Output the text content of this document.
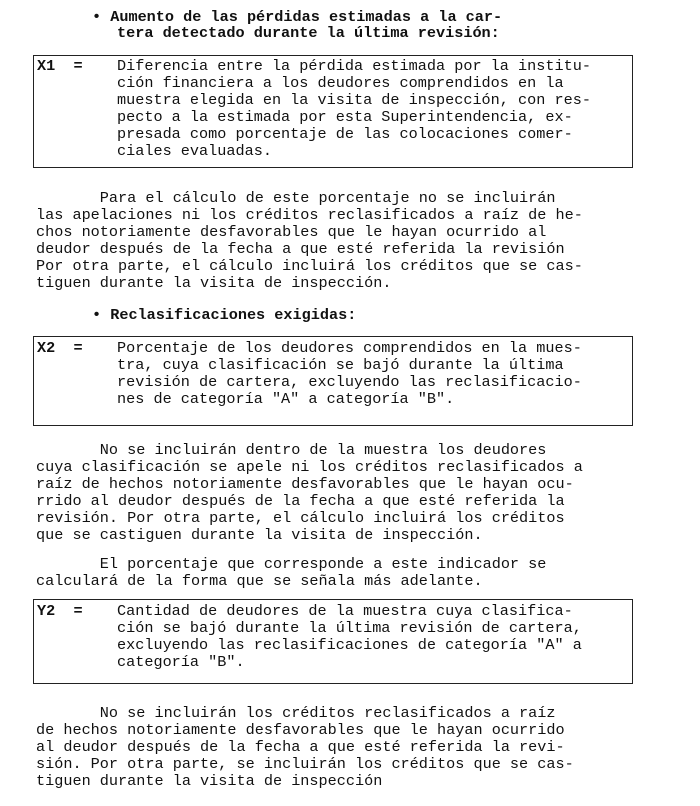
• Aumento de las pérdidas estimadas a la car-
tera detectado durante la última revisión:
X1  = Diferencia entre la pérdida estimada por la institu-
ción financiera a los deudores comprendidos en la
muestra elegida en la visita de inspección, con res-
pecto a la estimada por esta Superintendencia, ex-
presada como porcentaje de las colocaciones comer-
ciales evaluadas.
Para el cálculo de este porcentaje no se incluirán
las apelaciones ni los créditos reclasificados a raíz de he-
chos notoriamente desfavorables que le hayan ocurrido al
deudor después de la fecha a que esté referida la revisión
Por otra parte, el cálculo incluirá los créditos que se cas-
tiguen durante la visita de inspección.
• Reclasificaciones exigidas:
X2  = Porcentaje de los deudores comprendidos en la mues-
tra, cuya clasificación se bajó durante la última
revisión de cartera, excluyendo las reclasificacio-
nes de categoría "A" a categoría "B".
No se incluirán dentro de la muestra los deudores
cuya clasificación se apele ni los créditos reclasificados a
raíz de hechos notoriamente desfavorables que le hayan ocu-
rrido al deudor después de la fecha a que esté referida la
revisión. Por otra parte, el cálculo incluirá los créditos
que se castiguen durante la visita de inspección.
El porcentaje que corresponde a este indicador se
calculará de la forma que se señala más adelante.
Y2  = Cantidad de deudores de la muestra cuya clasifica-
ción se bajó durante la última revisión de cartera,
excluyendo las reclasificaciones de categoría "A" a
categoría "B".
No se incluirán los créditos reclasificados a raíz
de hechos notoriamente desfavorables que le hayan ocurrido
al deudor después de la fecha a que esté referida la revi-
sión. Por otra parte, se incluirán los créditos que se cas-
tiguen durante la visita de inspección
